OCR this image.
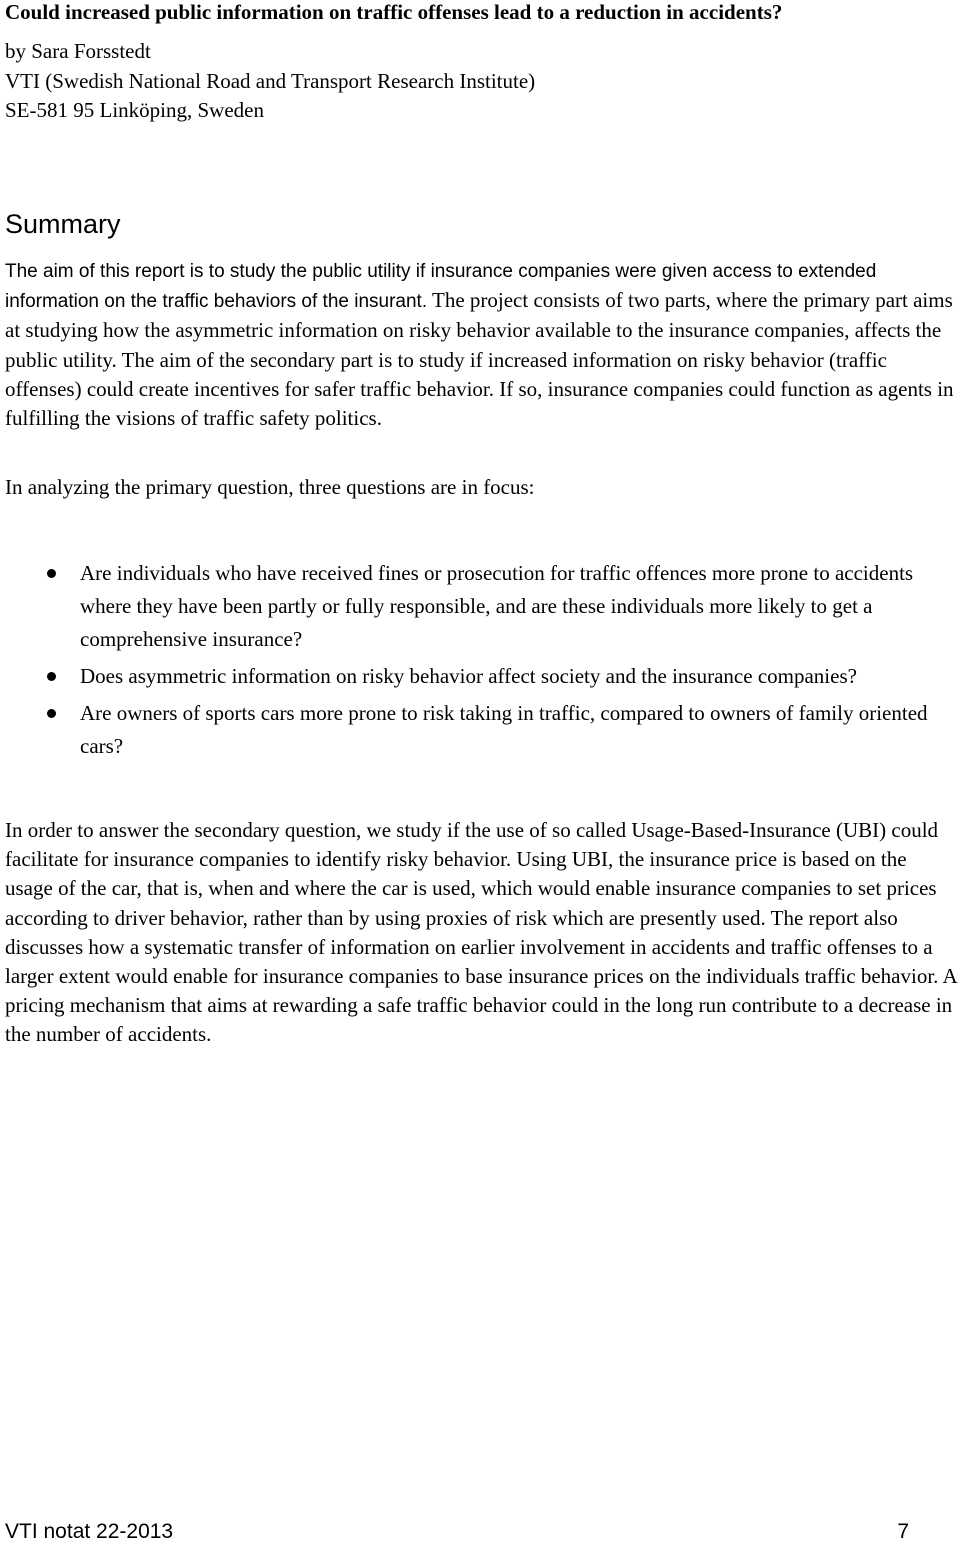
Could increased public information on traffic offenses lead to a reduction in accidents?
by Sara Forsstedt
VTI (Swedish National Road and Transport Research Institute)
SE-581 95 Linköping, Sweden
Summary
The aim of this report is to study the public utility if insurance companies were given access to extended information on the traffic behaviors of the insurant. The project consists of two parts, where the primary part aims at studying how the asymmetric information on risky behavior available to the insurance companies, affects the public utility. The aim of the secondary part is to study if increased information on risky behavior (traffic offenses) could create incentives for safer traffic behavior. If so, insurance companies could function as agents in fulfilling the visions of traffic safety politics.
In analyzing the primary question, three questions are in focus:
Are individuals who have received fines or prosecution for traffic offences more prone to accidents where they have been partly or fully responsible, and are these individuals more likely to get a comprehensive insurance?
Does asymmetric information on risky behavior affect society and the insurance companies?
Are owners of sports cars more prone to risk taking in traffic, compared to owners of family oriented cars?
In order to answer the secondary question, we study if the use of so called Usage-Based-Insurance (UBI) could facilitate for insurance companies to identify risky behavior. Using UBI, the insurance price is based on the usage of the car, that is, when and where the car is used, which would enable insurance companies to set prices according to driver behavior, rather than by using proxies of risk which are presently used. The report also discusses how a systematic transfer of information on earlier involvement in accidents and traffic offenses to a larger extent would enable for insurance companies to base insurance prices on the individuals traffic behavior. A pricing mechanism that aims at rewarding a safe traffic behavior could in the long run contribute to a decrease in the number of accidents.
VTI notat 22-2013	7
